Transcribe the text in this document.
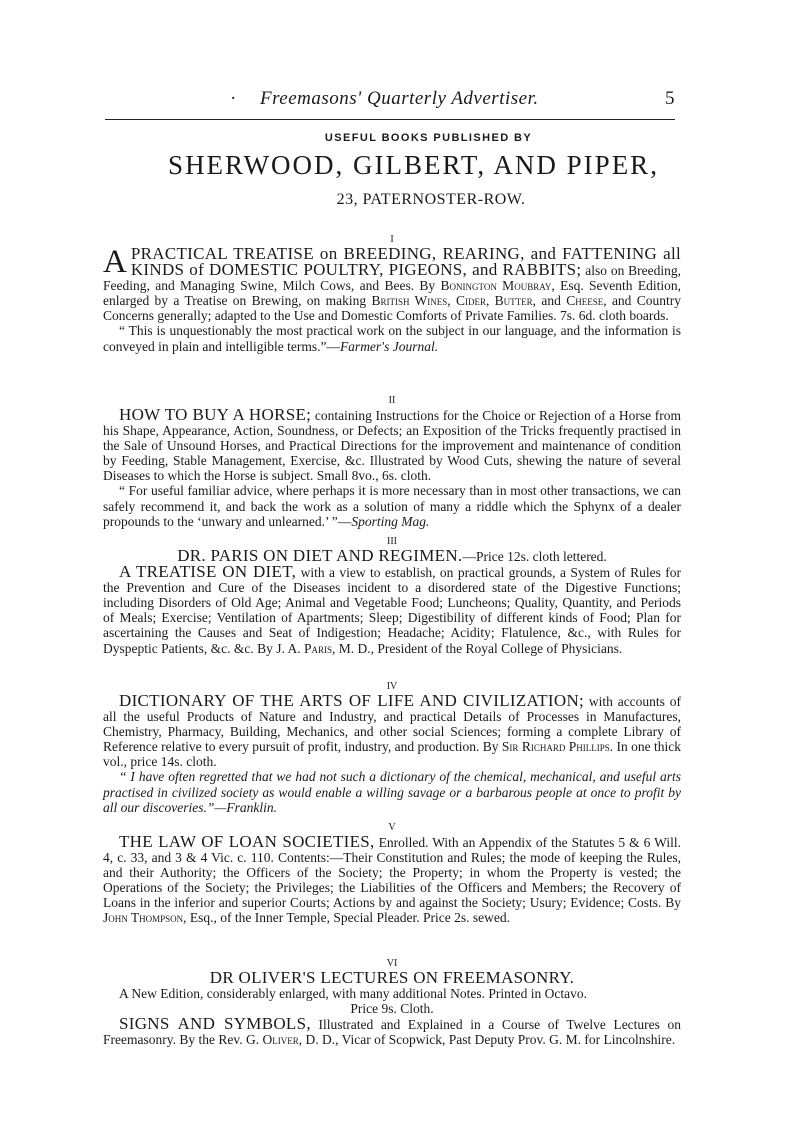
· Freemasons' Quarterly Advertiser.	5
USEFUL BOOKS PUBLISHED BY
SHERWOOD, GILBERT, AND PIPER,
23, PATERNOSTER-ROW.
I

APRACTICAL TREATISE on BREEDING, REARING, and FATTENING all KINDS of DOMESTIC POULTRY, PIGEONS, and RABBITS; also on Breeding, Feeding, and Managing Swine, Milch Cows, and Bees. By Bonington Moubray, Esq. Seventh Edition, enlarged by a Treatise on Brewing, on making British Wines, Cider, Butter, and Cheese, and Country Concerns generally; adapted to the Use and Domestic Comforts of Private Families. 7s. 6d. cloth boards.

“ This is unquestionably the most practical work on the subject in our language, and the information is conveyed in plain and intelligible terms.”—Farmer's Journal.

II

HOW TO BUY A HORSE; containing Instructions for the Choice or Rejection of a Horse from his Shape, Appearance, Action, Soundness, or Defects; an Exposition of the Tricks frequently practised in the Sale of Unsound Horses, and Practical Directions for the improvement and maintenance of condition by Feeding, Stable Management, Exercise, &c. Illustrated by Wood Cuts, shewing the nature of several Diseases to which the Horse is subject. Small 8vo., 6s. cloth.

“ For useful familiar advice, where perhaps it is more necessary than in most other transactions, we can safely recommend it, and back the work as a solution of many a riddle which the Sphynx of a dealer propounds to the ‘unwary and unlearned.’ ”—Sporting Mag.

III

DR. PARIS ON DIET AND REGIMEN.—Price 12s. cloth lettered.

A TREATISE ON DIET, with a view to establish, on practical grounds, a System of Rules for the Prevention and Cure of the Diseases incident to a disordered state of the Digestive Functions; including Disorders of Old Age; Animal and Vegetable Food; Luncheons; Quality, Quantity, and Periods of Meals; Exercise; Ventilation of Apartments; Sleep; Digestibility of different kinds of Food; Plan for ascertaining the Causes and Seat of Indigestion; Headache; Acidity; Flatulence, &c., with Rules for Dyspeptic Patients, &c. &c. By J. A. Paris, M. D., President of the Royal College of Physicians.

IV

DICTIONARY OF THE ARTS OF LIFE AND CIVILIZATION; with accounts of all the useful Products of Nature and Industry, and practical Details of Processes in Manufactures, Chemistry, Pharmacy, Building, Mechanics, and other social Sciences; forming a complete Library of Reference relative to every pursuit of profit, industry, and production. By Sir Richard Phillips. In one thick vol., price 14s. cloth.

“ I have often regretted that we had not such a dictionary of the chemical, mechanical, and useful arts practised in civilized society as would enable a willing savage or a barbarous people at once to profit by all our discoveries.”—Franklin.

V

THE LAW OF LOAN SOCIETIES, Enrolled. With an Appendix of the Statutes 5 & 6 Will. 4, c. 33, and 3 & 4 Vic. c. 110. Contents:—Their Constitution and Rules; the mode of keeping the Rules, and their Authority; the Officers of the Society; the Property; in whom the Property is vested; the Operations of the Society; the Privileges; the Liabilities of the Officers and Members; the Recovery of Loans in the inferior and superior Courts; Actions by and against the Society; Usury; Evidence; Costs. By John Thompson, Esq., of the Inner Temple, Special Pleader. Price 2s. sewed.

VI

DR OLIVER'S LECTURES ON FREEMASONRY.

A New Edition, considerably enlarged, with many additional Notes. Printed in Octavo.

Price 9s. Cloth.

SIGNS AND SYMBOLS, Illustrated and Explained in a Course of Twelve Lectures on Freemasonry. By the Rev. G. Oliver, D. D., Vicar of Scopwick, Past Deputy Prov. G. M. for Lincolnshire.
